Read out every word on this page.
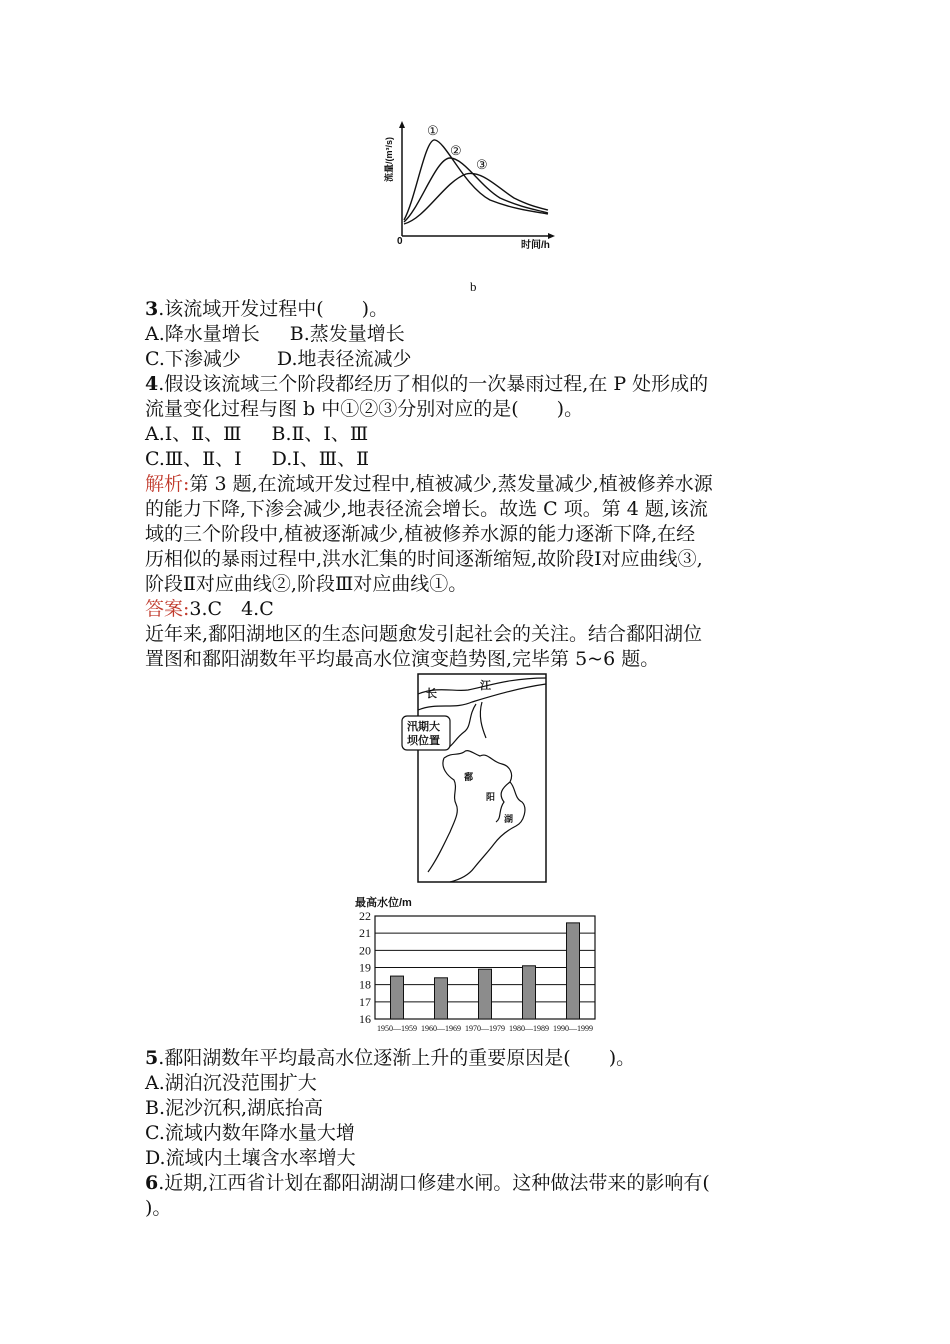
①
②
③
0	时间/h
流量/(m³/s)
b

3.该流域开发过程中(　　)。

A.降水量增长 B.蒸发量增长

C.下渗减少 D.地表径流减少

4.假设该流域三个阶段都经历了相似的一次暴雨过程,在 P 处形成的

流量变化过程与图 b 中①②③分别对应的是(　　)。

A.Ⅰ、Ⅱ、Ⅲ B.Ⅱ、Ⅰ、Ⅲ

C.Ⅲ、Ⅱ、Ⅰ D.Ⅰ、Ⅲ、Ⅱ

解析:第 3 题,在流域开发过程中,植被减少,蒸发量减少,植被修养水源

的能力下降,下渗会减少,地表径流会增长。故选 C 项。第 4 题,该流

域的三个阶段中,植被逐渐减少,植被修养水源的能力逐渐下降,在经

历相似的暴雨过程中,洪水汇集的时间逐渐缩短,故阶段Ⅰ对应曲线③,

阶段Ⅱ对应曲线②,阶段Ⅲ对应曲线①。

答案:3.C　4.C

近年来,鄱阳湖地区的生态问题愈发引起社会的关注。结合鄱阳湖位

置图和鄱阳湖数年平均最高水位演变趋势图,完毕第 5~6 题。

长
江
汛期大
坝位置
鄱
阳
湖
最高水位/m
16
17
18
19
20
21
22
1950—1959 1960—1969 1970—1979 1980—1989 1990—1999

5.鄱阳湖数年平均最高水位逐渐上升的重要原因是(　　)。

A.湖泊沉没范围扩大

B.泥沙沉积,湖底抬高

C.流域内数年降水量大增

D.流域内土壤含水率增大

6.近期,江西省计划在鄱阳湖湖口修建水闸。这种做法带来的影响有(

)。
